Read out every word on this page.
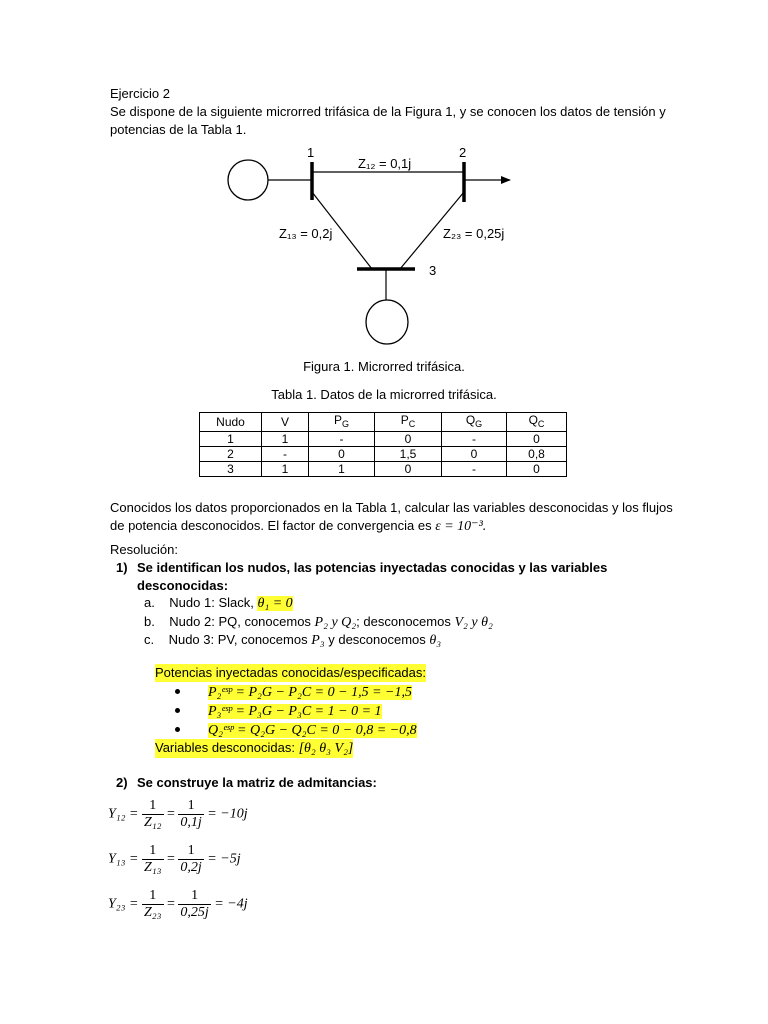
Ejercicio 2
Se dispone de la siguiente microrred trifásica de la Figura 1, y se conocen los datos de tensión y
potencias de la Tabla 1.
1	2
3
Z₁₂ = 0,1j
Z₁₃ = 0,2j	Z₂₃ = 0,25j
Figura 1. Microrred trifásica.
Tabla 1. Datos de la microrred trifásica.
Nudo	V	$P_G$	$P_C$	$Q_G$	$Q_C$
1	1	-	0	-	0
2	-	0	1,5	0	0,8
3	1	1	0	-	0
Conocidos los datos proporcionados en la Tabla 1, calcular las variables desconocidas y los flujos
de potencia desconocidos. El factor de convergencia es ε = 10⁻³.
Resolución:
1) Se identifican los nudos, las potencias inyectadas conocidas y las variables
desconocidas:
a. Nudo 1: Slack, θ₁ = 0
b. Nudo 2: PQ, conocemos P₂ y Q₂; desconocemos V₂ y θ₂
c. Nudo 3: PV, conocemos P₃ y desconocemos θ₃
Potencias inyectadas conocidas/especificadas:
P₂ᵉˢᵖ = P₂G − P₂C = 0 − 1,5 = −1,5
P₃ᵉˢᵖ = P₃G − P₃C = 1 − 0 = 1
Q₂ᵉˢᵖ = Q₂G − Q₂C = 0 − 0,8 = −0,8
Variables desconocidas: [θ₂ θ₃ V₂]
2) Se construye la matriz de admitancias:
$Y_{12} = \frac{1}{\text{Z₁₂}} = \frac{1}{0,1j} = -10j$
$Y_{13} = \frac{1}{\text{Z₁₃}} = \frac{1}{0,2j} = -5j$
$Y_{23} = \frac{1}{\text{Z₂₃}} = \frac{1}{0,25j} = -4j$
